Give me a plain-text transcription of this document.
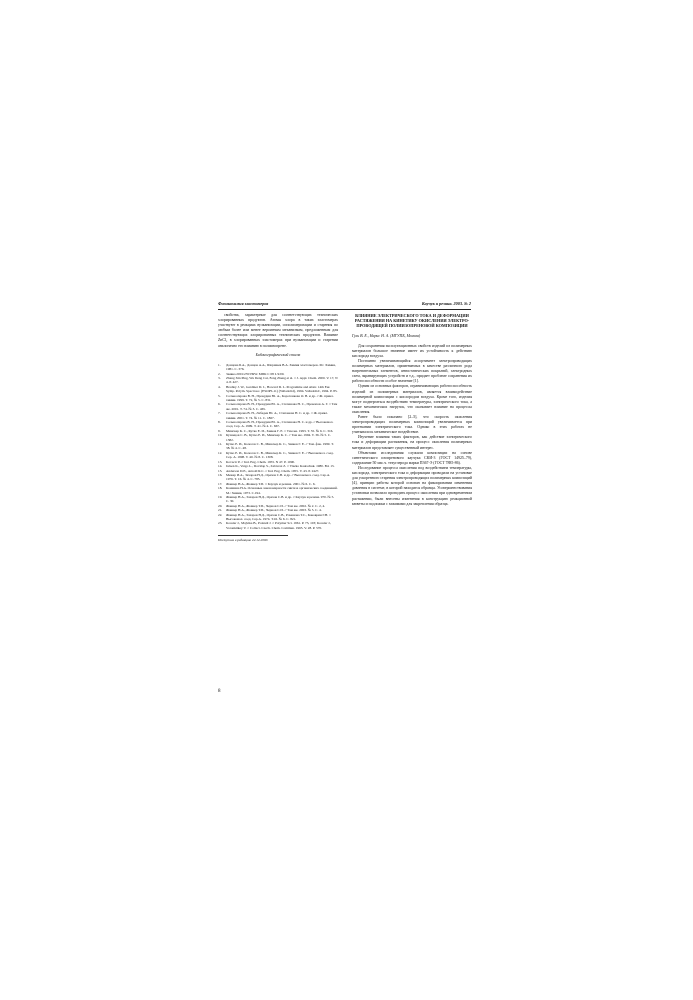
Физикохимия эластомеров	Каучук и резина. 2003. № 2

свойства, характерные для соответствующих технических хлорированных продуктов. Атомы хлора в таких эластомерах участвуют в реакциях вулканизации, сополимеризации и старения по любым более или менее вероятным механизмам, предложенным для соответствующих хлорированных технических продуктов. Влияние ZnCl₂ в хлорированных эластомерах при вулканизации и старении аналогично его влиянию в полиизопрене.

Библиографический список

1. Донцова Б.А., Донцов А.А., Шершнев В.А. Химия эластомеров. М.: Химия, 1981. С. 376.
2. Заявка 2001/235339W. МПК С 08 L 9/00.
3. Zhang Xin Ping, Wu Deng Cai, Feng Zheng et al. // J. Appl. Chem. 2000. V. 17, N 4. P. 427.
4. Bradley J. W., Gardiner D. J., Howard D. L. Programme and Abstr. 14th Eur. Symp. Polym. Spectrosc. (ESOPS-11) (Valladolid), 1994. Valladolid:, 1994. P. 85.
5. Солъносирова В. Н., Прокудин Ю. А., Коротенкова О. В. и др. // Ж. прикл. химии. 1999. Т. 72, № 5. С. 831.
6. Сольносирова В. Н., Прокудин Ю. А., Степанова Н. С., Прокопов А. Г. // Там же. 2001. Т. 74. № 3. С. 465.
7. Сольносирова В. Н., Лебедев Ю. А., Степанова Н. С. и др. // Ж. прикл. химии. 2001. Т. 74. № 11. С. 1867.
8. Сольносирова В. Н., Прокудин Ю. А., Степанова Н. С. и др. // Высокомол. соед. Сер. А. 1999. Т. 41. № 4. С. 667.
9. Минскер К. С., Кутко Е. И., Заиков Г. Е. // Там же. 1993. Т. 35. № 6. С. 316.
10. Кузнецов С. В., Кутко Е. И., Минскер К. С. // Там же. 1994. Т. 36. № 5. С. 1382.
11. Кутко Е. И., Колесов С. В., Минскер К. С., Заиков Г. Е. // Там. фак. 1999. Т. 38. № 4. С. 48.
12. Кутко Е. И., Колесов С. В., Минскер К. С., Заиков Г. Е. // Высокомол. соед. Сер. А. 1998. Т. 40. № 8. С. 1308.
13. Kovacic P. // Ind. Eng. Chem. 1955. N 47. P. 1090.
14. Julsen K., Vargo L., Dovzlap S., Zalavraz Z. // Viszko Kautschuk. 1980. Bd. 13.
15. Anderson D.E., Arnold R.C. // Ind. Eng. Chem. 1955. V. 43. P. 2427.
16. Межер И.А., Захаров Н.Д., Орехов С.В. и др. // Высокомол. соед. Сер.А. 1976. Т. 16. № 4. С. 785.
17. Жовнер Н.А., Жовнер Т.П. // Каучук и резина. 2001. № 6. С. 6.
18. Коншина Н.А. Основные закономерности синтеза органических соединений. М.: Химия, 1973. С.194.
19. Жовнер Н.А., Захаров Н.Д., Орехов С.В. и др. // Каучук и резина. 970. № 5. С. 30.
20. Жовнер Н.А., Жовнер Т.П., Чернов С.И. // Там же. 2002. № 2. С. 2, 4.
21. Жовнер Н.А., Жовнер Т.П., Чернов С.И. // Там же. 2003. № 5. С. 4.
22. Жовнер Н.А., Захаров Н.Д., Орехов С.В., Романова Т.С., Коковрин Г.Н. // Высокомол. соед. Сер.А. 1974. Т.16. № 6. С. 821.
23. Kossler J., Majvika B., Polandt J. // Polymer Sci. 1961. P. 73, 103; Kossler J., Voronkiikey V. // Collect. Czech. Chem. Commun. 1965. V. 28. P. 570.

Поступила в редакцию 22.12.2000.

ВЛИЯНИЕ ЭЛЕКТРИЧЕСКОГО ТОКА И ДЕФОРМАЦИИ РАСТЯЖЕНИЯ НА КИНЕТИКУ ОКИСЛЕНИЯ ЭЛЕКТРО-ПРОВОДЯЩЕЙ ПОЛИИЗОПРЕНОВОЙ КОМПОЗИЦИИ

Гуль В. Е., Нарис Н. А. (МГУПБ, Москва)

Для сохранения эксплуатационных свойств изделий из полимерных материалов большое значение имеет их устойчивость к действию кислорода воздуха.

Постоянно увеличивающийся ассортимент электропроводящих полимерных материалов, применяемых в качестве различного рода нагревательных элементов, антистатических покрытий, электродных схем, экранирующих устройств и т.д., придает проблеме сохранения их работоспособности особое значение [1].

Одним из основных факторов, ограничивающих работоспособность изделий из полимерных материалов, является взаимодействие полимерной композиции с кислородом воздуха. Кроме того, изделия могут подвергаться воздействию температуры, электрического тока, а также механических нагрузок, что оказывает влияние на процессы окисления.

Ранее было показано [2–5], что скорость окисления электропроводящих полимерных композиций увеличивается при протекании электрического тока. Однако в этих работах не учитывалось механическое воздействие.

Изучение влияния таких факторов, как действие электрического тока и деформации растяжения, на процесс окисления полимерных материалов представляет существенный интерес.

Объектами исследования служили композиции на основе синтетического изопренового каучука СКИ-3 (ГОСТ 14925–79), содержание 50 мас.ч. техуглерода марки П367-Э (ГОСТ 7885-86).

Исследование процесса окисления под воздействием температуры, кислорода, электрического тока и деформации проводили на установке для ускоренного старения электропроводящих полимерных композиций [4], принцип работы которой основан на фиксировании изменения давления в системе, в которой находятся образцы. Усовершенствования установки позволило проводить процесс окисления при одновременном растяжении, были внесены изменения в конструкцию реакционной кюветы и подложки с зажимами для закрепления образца.

8
